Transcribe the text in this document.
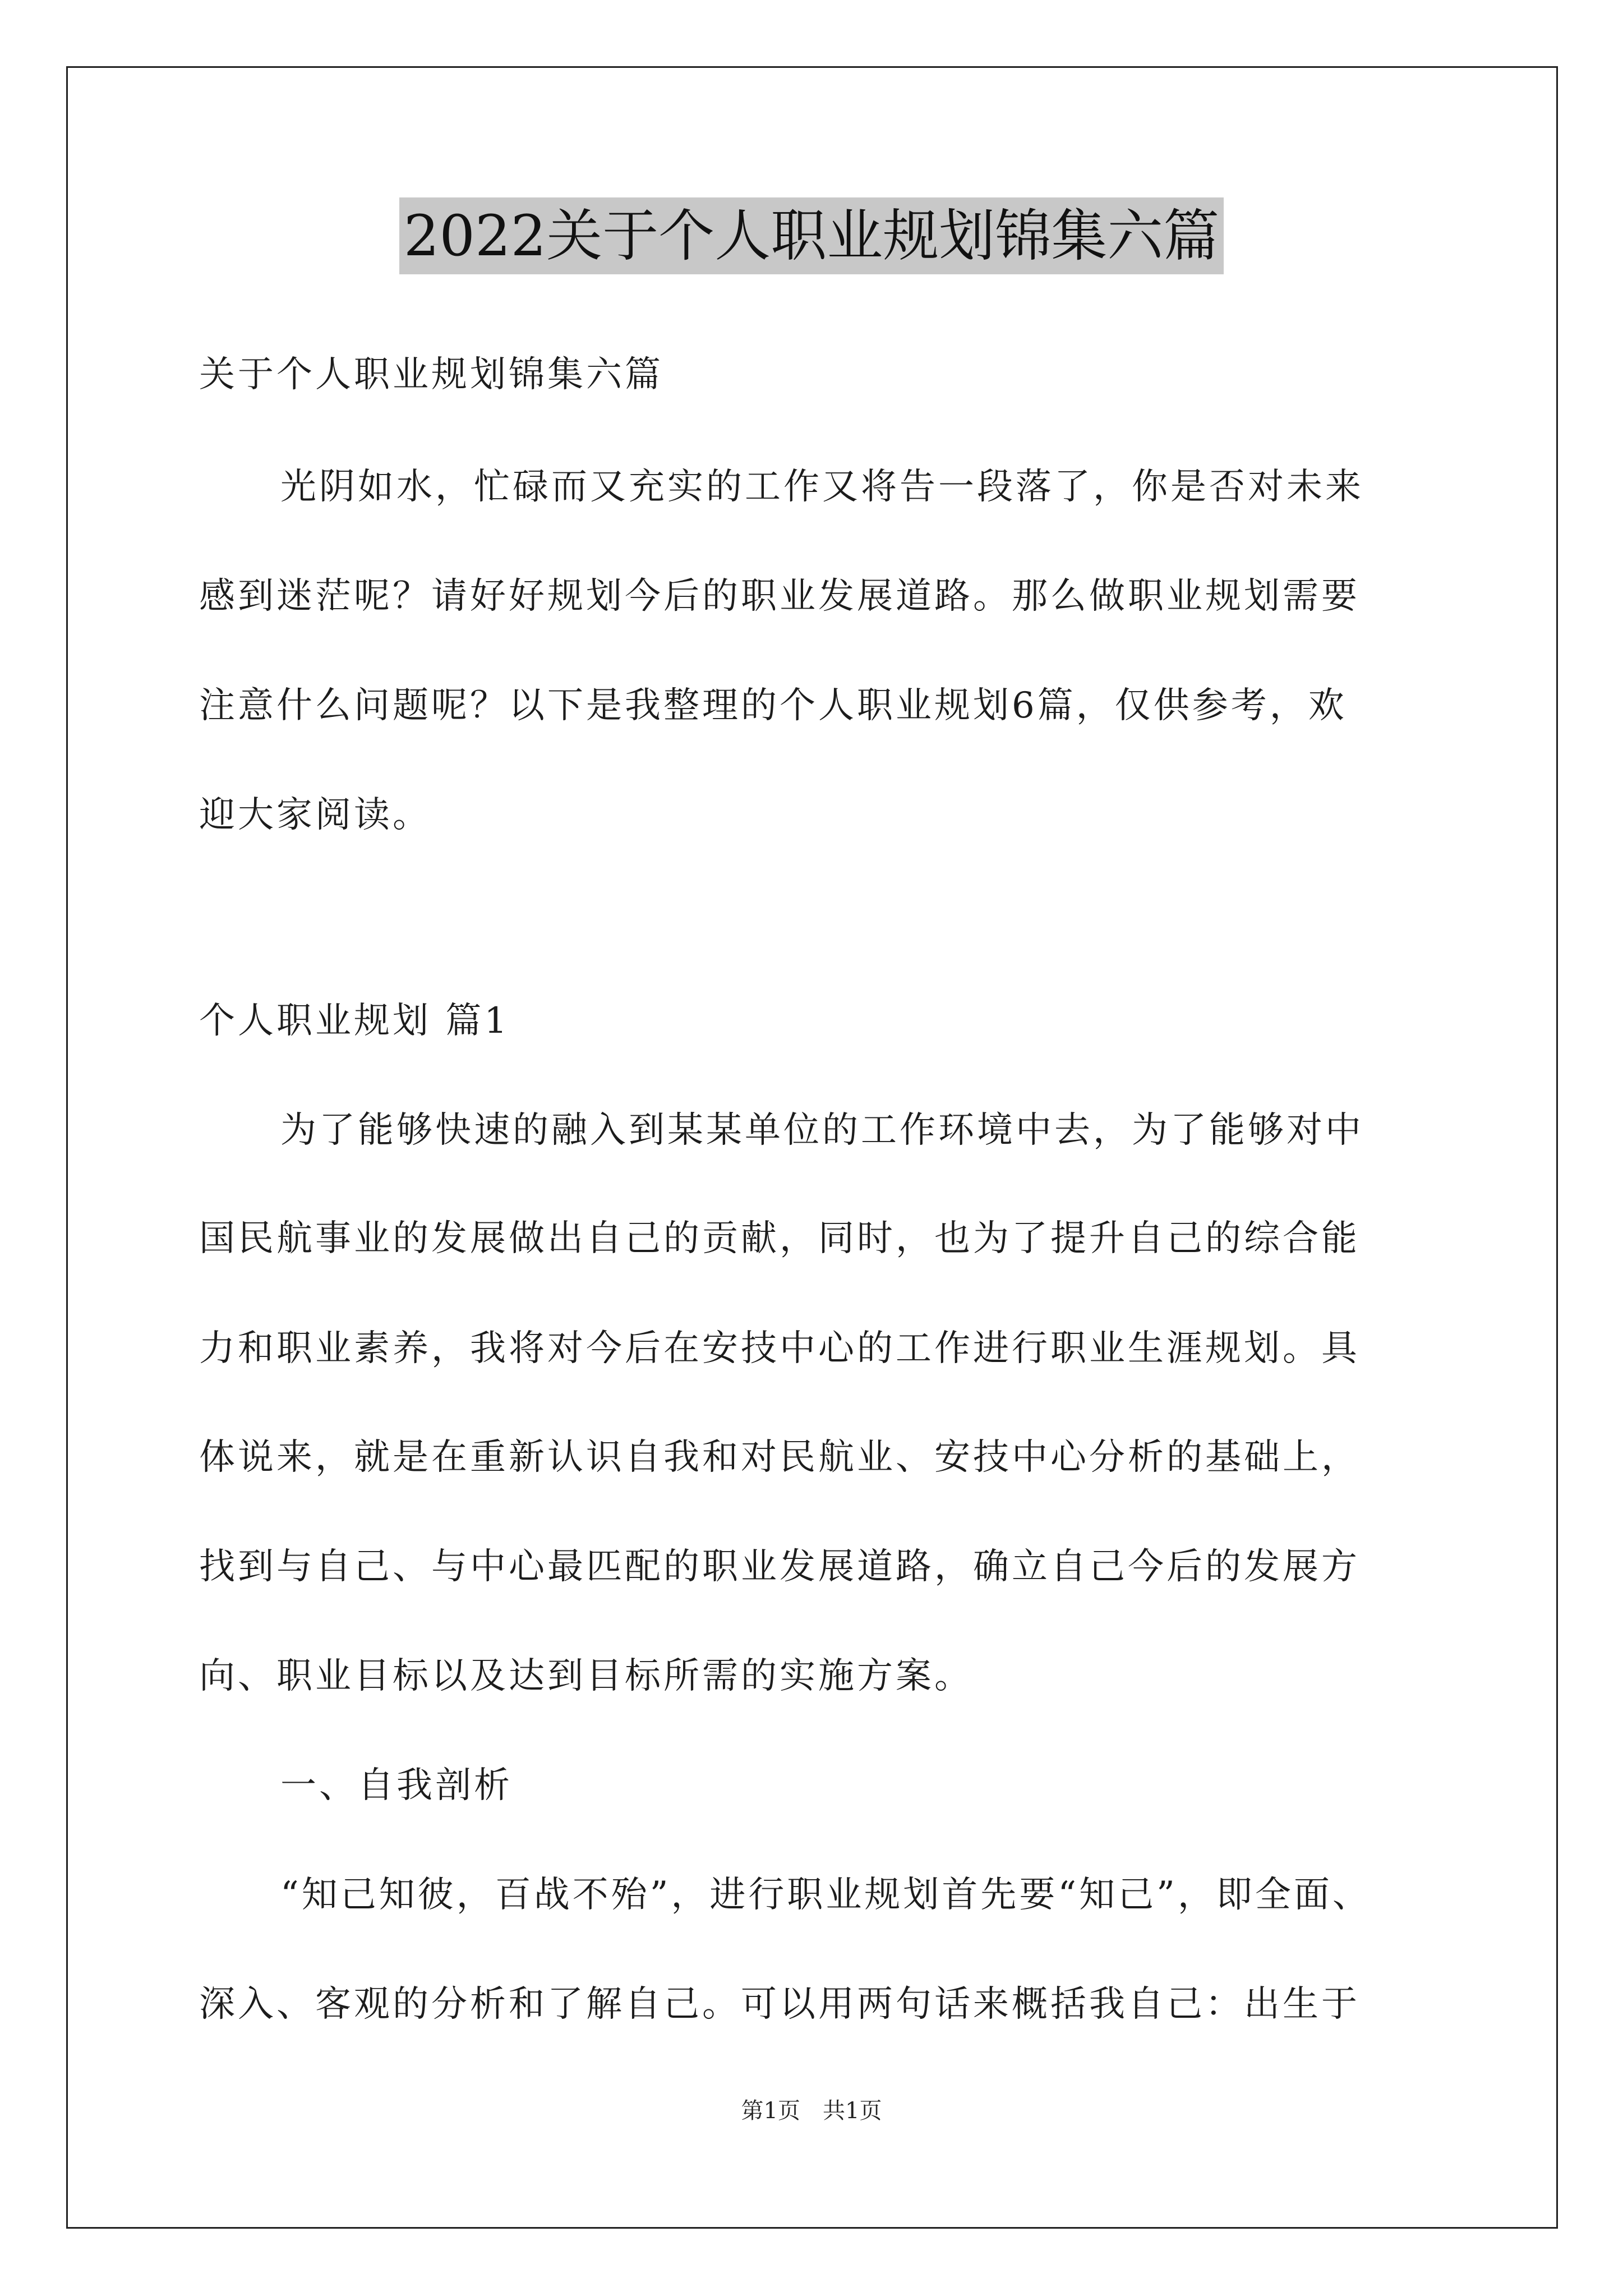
2022关于个人职业规划锦集六篇
关于个人职业规划锦集六篇
光阴如水，忙碌而又充实的工作又将告一段落了，你是否对未来
感到迷茫呢？请好好规划今后的职业发展道路。那么做职业规划需要
注意什么问题呢？以下是我整理的个人职业规划6篇，仅供参考，欢
迎大家阅读。
个人职业规划 篇1
为了能够快速的融入到某某单位的工作环境中去，为了能够对中
国民航事业的发展做出自己的贡献，同时，也为了提升自己的综合能
力和职业素养，我将对今后在安技中心的工作进行职业生涯规划。具
体说来，就是在重新认识自我和对民航业、安技中心分析的基础上，
找到与自己、与中心最匹配的职业发展道路，确立自己今后的发展方
向、职业目标以及达到目标所需的实施方案。
一、自我剖析
“知己知彼，百战不殆”，进行职业规划首先要“知己”，即全面、
深入、客观的分析和了解自己。可以用两句话来概括我自己：出生于
第1页　共1页
